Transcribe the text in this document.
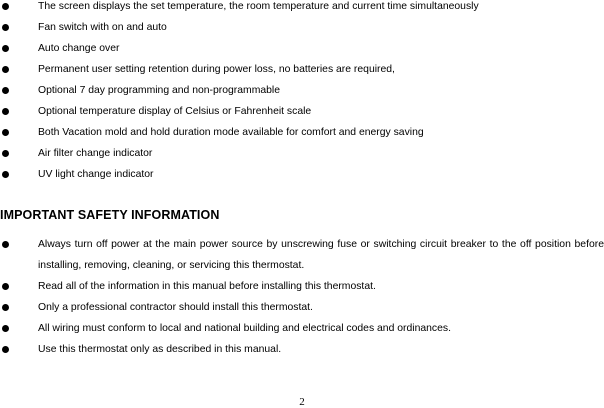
The screen displays the set temperature, the room temperature and current time simultaneously
Fan switch with on and auto
Auto change over
Permanent user setting retention during power loss, no batteries are required,
Optional 7 day programming and non-programmable
Optional temperature display of Celsius or Fahrenheit scale
Both Vacation mold and hold duration mode available for comfort and energy saving
Air filter change indicator
UV light change indicator
IMPORTANT SAFETY INFORMATION
Always turn off power at the main power source by unscrewing fuse or switching circuit breaker to the off position before installing, removing, cleaning, or servicing this thermostat.
Read all of the information in this manual before installing this thermostat.
Only a professional contractor should install this thermostat.
All wiring must conform to local and national building and electrical codes and ordinances.
Use this thermostat only as described in this manual.
2
